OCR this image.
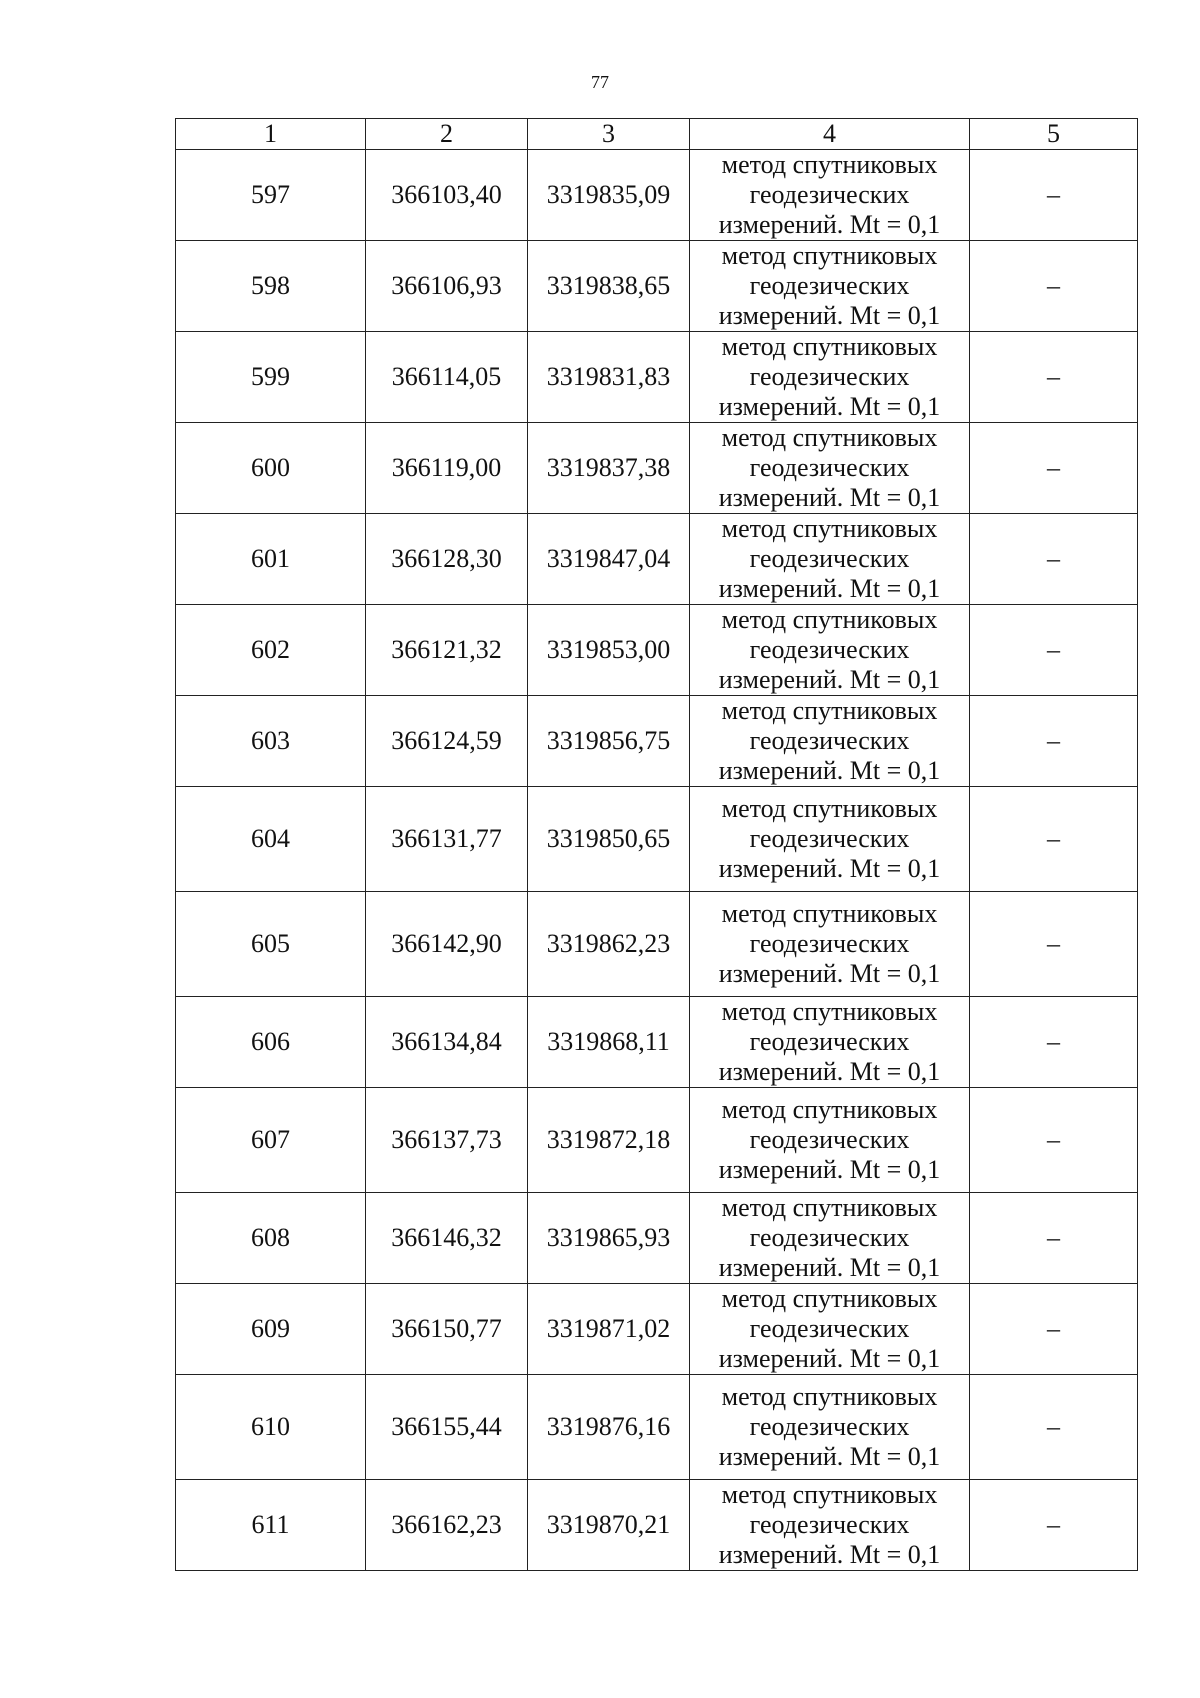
77
1	2	3	4	5
597	366103,40	3319835,09	метод спутниковых
геодезических
измерений. Mt = 0,1	–
598	366106,93	3319838,65	метод спутниковых
геодезических
измерений. Mt = 0,1	–
599	366114,05	3319831,83	метод спутниковых
геодезических
измерений. Mt = 0,1	–
600	366119,00	3319837,38	метод спутниковых
геодезических
измерений. Mt = 0,1	–
601	366128,30	3319847,04	метод спутниковых
геодезических
измерений. Mt = 0,1	–
602	366121,32	3319853,00	метод спутниковых
геодезических
измерений. Mt = 0,1	–
603	366124,59	3319856,75	метод спутниковых
геодезических
измерений. Mt = 0,1	–
604	366131,77	3319850,65	метод спутниковых
геодезических
измерений. Mt = 0,1	–
605	366142,90	3319862,23	метод спутниковых
геодезических
измерений. Mt = 0,1	–
606	366134,84	3319868,11	метод спутниковых
геодезических
измерений. Mt = 0,1	–
607	366137,73	3319872,18	метод спутниковых
геодезических
измерений. Mt = 0,1	–
608	366146,32	3319865,93	метод спутниковых
геодезических
измерений. Mt = 0,1	–
609	366150,77	3319871,02	метод спутниковых
геодезических
измерений. Mt = 0,1	–
610	366155,44	3319876,16	метод спутниковых
геодезических
измерений. Mt = 0,1	–
611	366162,23	3319870,21	метод спутниковых
геодезических
измерений. Mt = 0,1	–
